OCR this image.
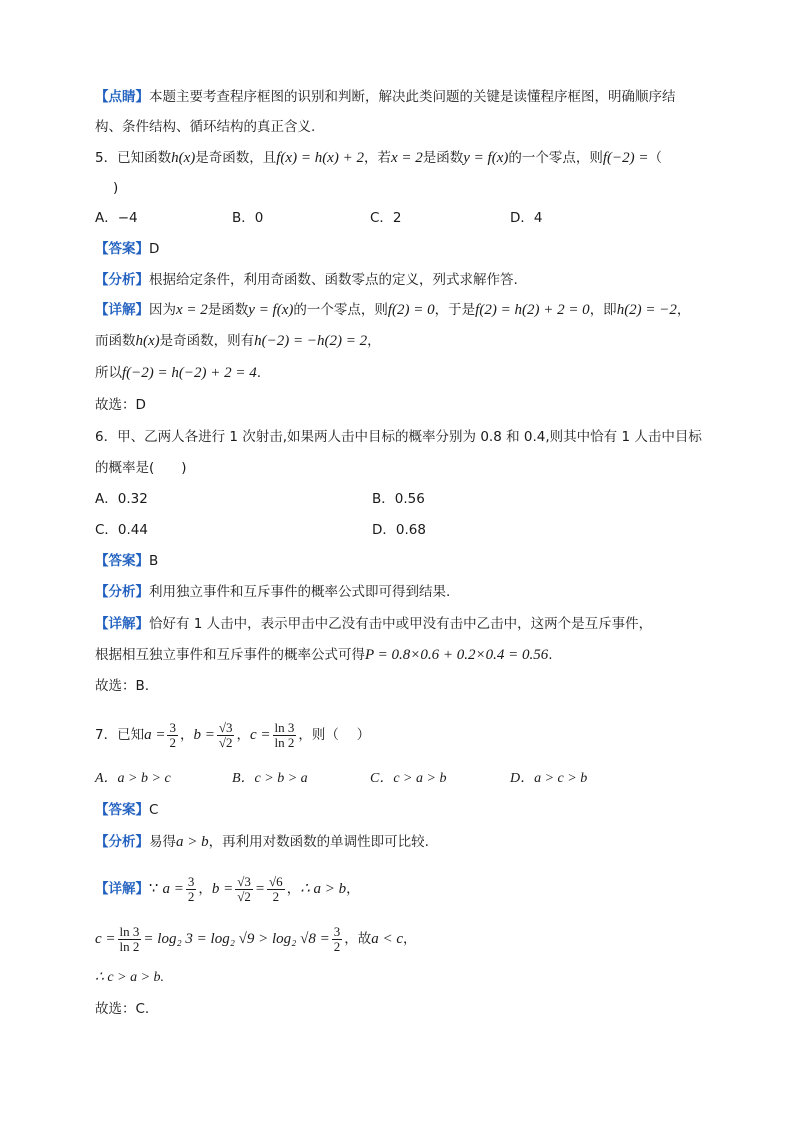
【点睛】本题主要考查程序框图的识别和判断，解决此类问题的关键是读懂程序框图，明确顺序结
构、条件结构、循环结构的真正含义.
5．已知函数h(x)是奇函数，且f(x) = h(x) + 2，若x = 2是函数y = f(x)的一个零点，则f(−2) =（
)
A．−4	B．0	C．2	D．4
【答案】D
【分析】根据给定条件，利用奇函数、函数零点的定义，列式求解作答.
【详解】因为x = 2是函数y = f(x)的一个零点，则f(2) = 0，于是f(2) = h(2) + 2 = 0，即h(2) = −2，
而函数h(x)是奇函数，则有h(−2) = −h(2) = 2，
所以f(−2) = h(−2) + 2 = 4.
故选：D
6．甲、乙两人各进行 1 次射击,如果两人击中目标的概率分别为 0.8 和 0.4,则其中恰有 1 人击中目标
的概率是(　　)
A．0.32	B．0.56
C．0.44	D．0.68
【答案】B
【分析】利用独立事件和互斥事件的概率公式即可得到结果.
【详解】恰好有 1 人击中，表示甲击中乙没有击中或甲没有击中乙击中，这两个是互斥事件，
根据相互独立事件和互斥事件的概率公式可得P = 0.8×0.6 + 0.2×0.4 = 0.56.
故选：B.
7．已知$a = \frac{3}{2}$ ，$b = \frac{√3}{√2}$ ，$c = \frac{\ln 3}{\ln 2}$ ，则（　 ）
A．a > b > c	B．c > b > a	C．c > a > b	D．a > c > b
【答案】C
【分析】易得a > b，再利用对数函数的单调性即可比较.
【详解】∵ $a = \frac{3}{2}$ ，$b = \frac{√3}{√2} = \frac{√6}{2}$ ，∴ a > b，
$c = \frac{\ln 3}{\ln 2} = \log_2$ 3 = log₂ √9 > log₂ $√8 = \frac{3}{2}$ ，故a < c，
∴ c > a > b.
故选：C.
